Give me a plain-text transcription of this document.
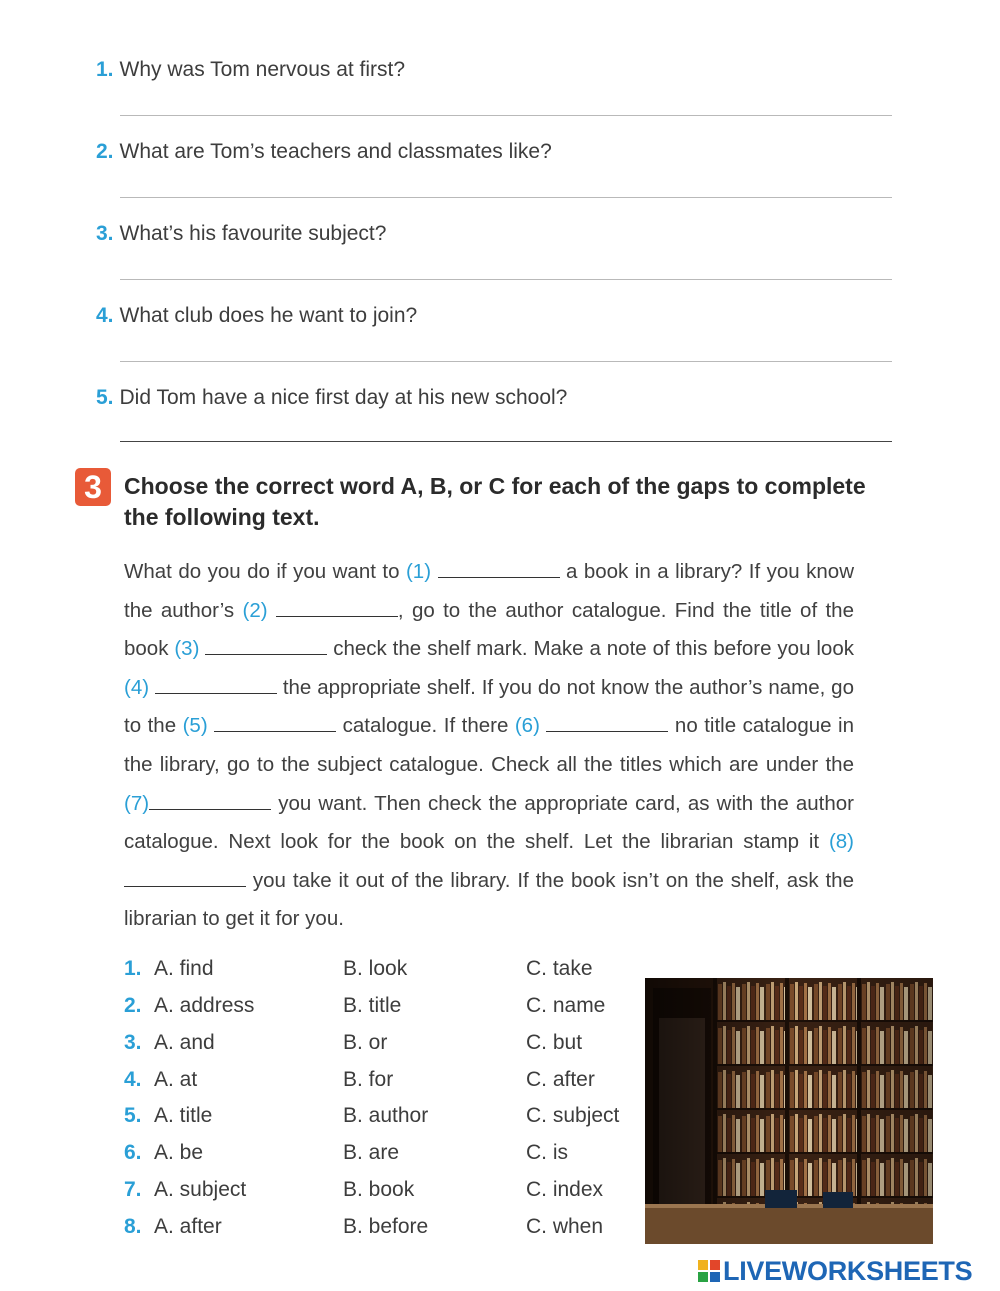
1. Why was Tom nervous at first?
2. What are Tom’s teachers and classmates like?
3. What’s his favourite subject?
4. What club does he want to join?
5. Did Tom have a nice first day at his new school?
3 Choose the correct word A, B, or C for each of the gaps to complete the following text.
What do you do if you want to (1)	a book in a library? If you know the author’s (2)	, go to the author catalogue. Find the title of the book (3)	check the shelf mark. Make a note of this before you look (4)	the appropriate shelf. If you do not know the author’s name, go to the (5)	catalogue. If there (6)	no title catalogue in the library, go to the subject catalogue. Check all the titles which are under the (7)	you want. Then check the appropriate card, as with the author catalogue. Next look for the book on the shelf. Let the librarian stamp it (8)  you take it out of the library. If the book isn’t on the shelf, ask the librarian to get it for you.
1. A. find	B. look	C. take
2. A. address	B. title	C. name
3. A. and	B. or	C. but
4. A. at	B. for	C. after
5. A. title	B. author	C. subject
6. A. be	B. are	C. is
7. A. subject	B. book	C. index
8. A. after	B. before	C. when
LIVEWORKSHEETS
